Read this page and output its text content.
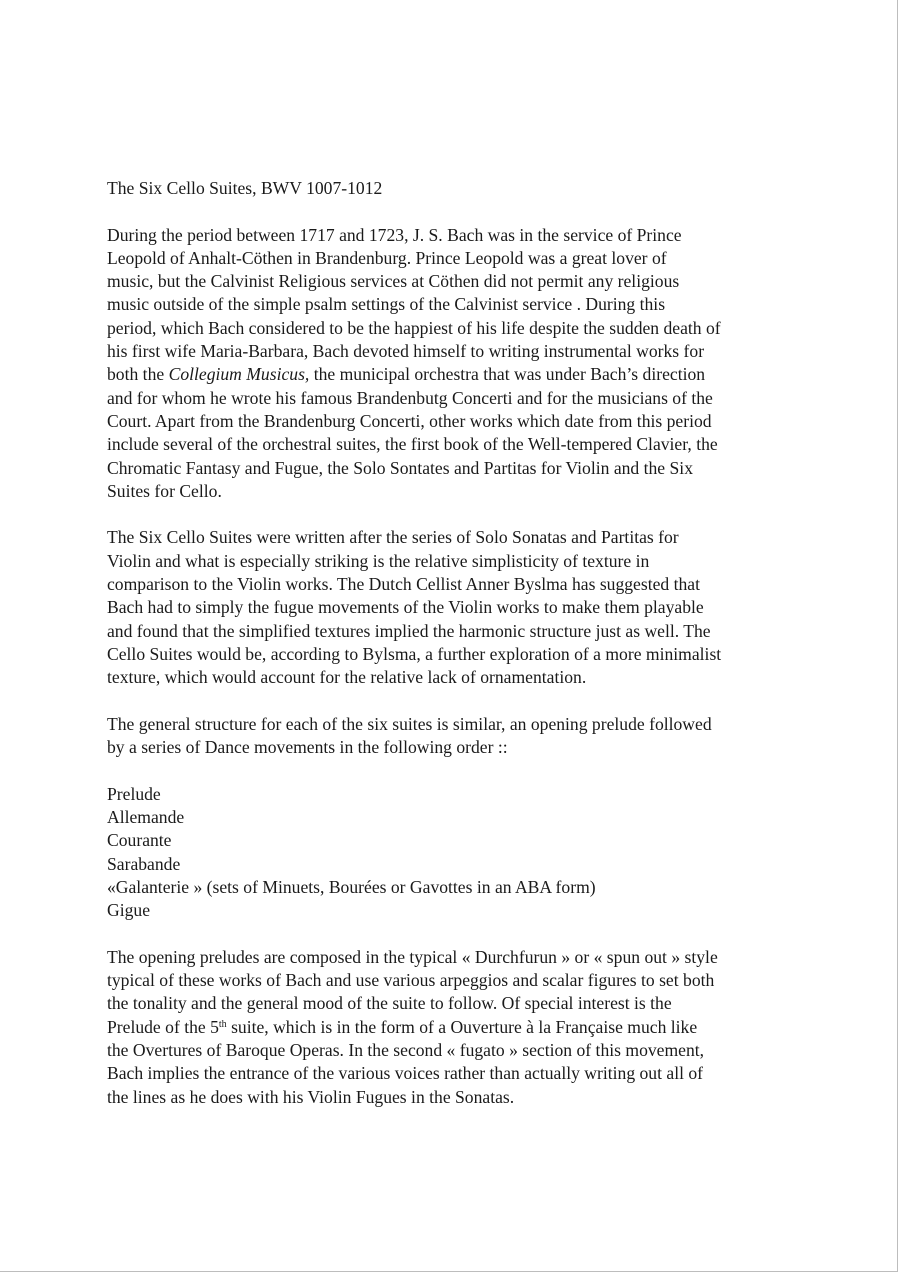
The Six Cello Suites, BWV 1007-1012

During the period between 1717 and 1723, J. S. Bach was in the service of Prince
Leopold of Anhalt-Cöthen in Brandenburg. Prince Leopold was a great lover of
music, but the Calvinist Religious services at Cöthen did not permit any religious
music outside of the simple psalm settings of the Calvinist service . During this
period, which Bach considered to be the happiest of his life despite the sudden death of
his first wife Maria-Barbara, Bach devoted himself to writing instrumental works for
both the Collegium Musicus, the municipal orchestra that was under Bach’s direction
and for whom he wrote his famous Brandenbutg Concerti and for the musicians of the
Court. Apart from the Brandenburg Concerti, other works which date from this period
include several of the orchestral suites, the first book of the Well-tempered Clavier, the
Chromatic Fantasy and Fugue, the Solo Sontates and Partitas for Violin and the Six
Suites for Cello.

The Six Cello Suites were written after the series of Solo Sonatas and Partitas for
Violin and what is especially striking is the relative simplisticity of texture in
comparison to the Violin works. The Dutch Cellist Anner Byslma has suggested that
Bach had to simply the fugue movements of the Violin works to make them playable
and found that the simplified textures implied the harmonic structure just as well. The
Cello Suites would be, according to Bylsma, a further exploration of a more minimalist
texture, which would account for the relative lack of ornamentation.

The general structure for each of the six suites is similar, an opening prelude followed
by a series of Dance movements in the following order ::

Prelude
Allemande
Courante
Sarabande
«Galanterie » (sets of Minuets, Bourées or Gavottes in an ABA form)
Gigue

The opening preludes are composed in the typical « Durchfurun » or « spun out » style
typical of these works of Bach and use various arpeggios and scalar figures to set both
the tonality and the general mood of the suite to follow. Of special interest is the
Prelude of the 5th suite, which is in the form of a Ouverture à la Française much like
the Overtures of Baroque Operas. In the second « fugato » section of this movement,
Bach implies the entrance of the various voices rather than actually writing out all of
the lines as he does with his Violin Fugues in the Sonatas.
